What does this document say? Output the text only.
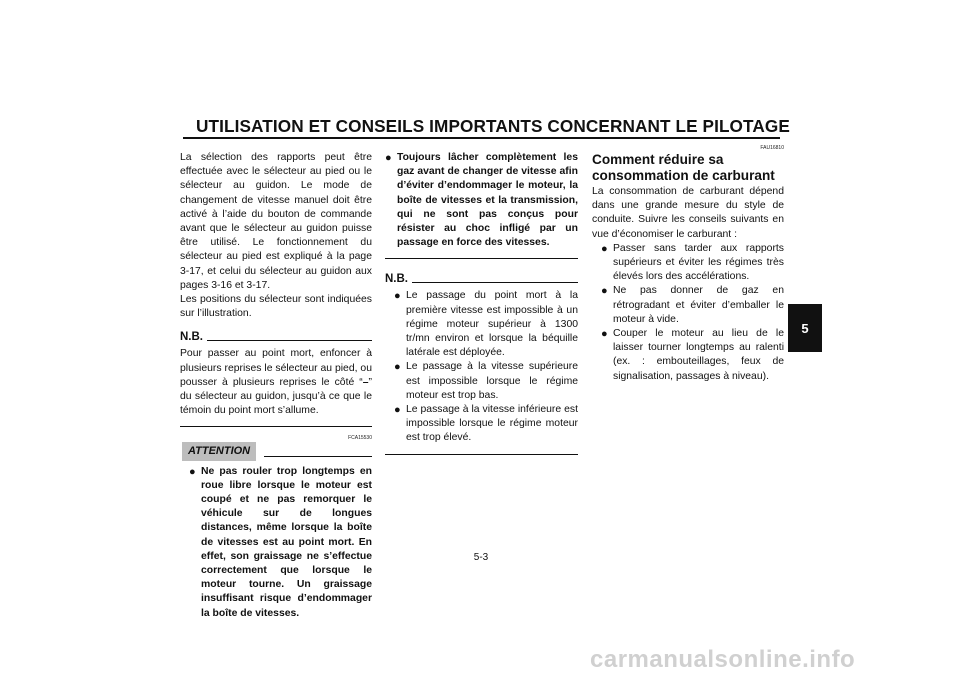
UTILISATION ET CONSEILS IMPORTANTS CONCERNANT LE PILOTAGE
5

La sélection des rapports peut être effectuée avec le sélecteur au pied ou le sélecteur au guidon. Le mode de changement de vitesse manuel doit être activé à l’aide du bouton de commande avant que le sélecteur au guidon puisse être utilisé. Le fonctionnement du sélecteur au pied est expliqué à la page 3-17, et celui du sélecteur au guidon aux pages 3-16 et 3-17.

Les positions du sélecteur sont indiquées sur l’illustration.

N.B.

Pour passer au point mort, enfoncer à plusieurs reprises le sélecteur au pied, ou pousser à plusieurs reprises le côté “–” du sélecteur au guidon, jusqu’à ce que le témoin du point mort s’allume.

FCA15530
ATTENTION
● Ne pas rouler trop longtemps en roue libre lorsque le moteur est coupé et ne pas remorquer le véhicule sur de longues distances, même lorsque la boîte de vitesses est au point mort. En effet, son graissage ne s’effectue correctement que lorsque le moteur tourne. Un graissage insuffisant risque d’endommager la boîte de vitesses.
● Toujours lâcher complètement les gaz avant de changer de vitesse afin d’éviter d’endommager le moteur, la boîte de vitesses et la transmission, qui ne sont pas conçus pour résister au choc infligé par un passage en force des vitesses.
N.B.
● Le passage du point mort à la première vitesse est impossible à un régime moteur supérieur à 1300 tr/mn environ et lorsque la béquille latérale est déployée.
● Le passage à la vitesse supérieure est impossible lorsque le régime moteur est trop bas.
● Le passage à la vitesse inférieure est impossible lorsque le régime moteur est trop élevé.
FAU16810
Comment réduire sa consommation de carburant

La consommation de carburant dépend dans une grande mesure du style de conduite. Suivre les conseils suivants en vue d’économiser le carburant :

● Passer sans tarder aux rapports supérieurs et éviter les régimes très élevés lors des accélérations.
● Ne pas donner de gaz en rétrogradant et éviter d’emballer le moteur à vide.
● Couper le moteur au lieu de le laisser tourner longtemps au ralenti (ex. : embouteillages, feux de signalisation, passages à niveau).
5-3
carmanualsonline.info
